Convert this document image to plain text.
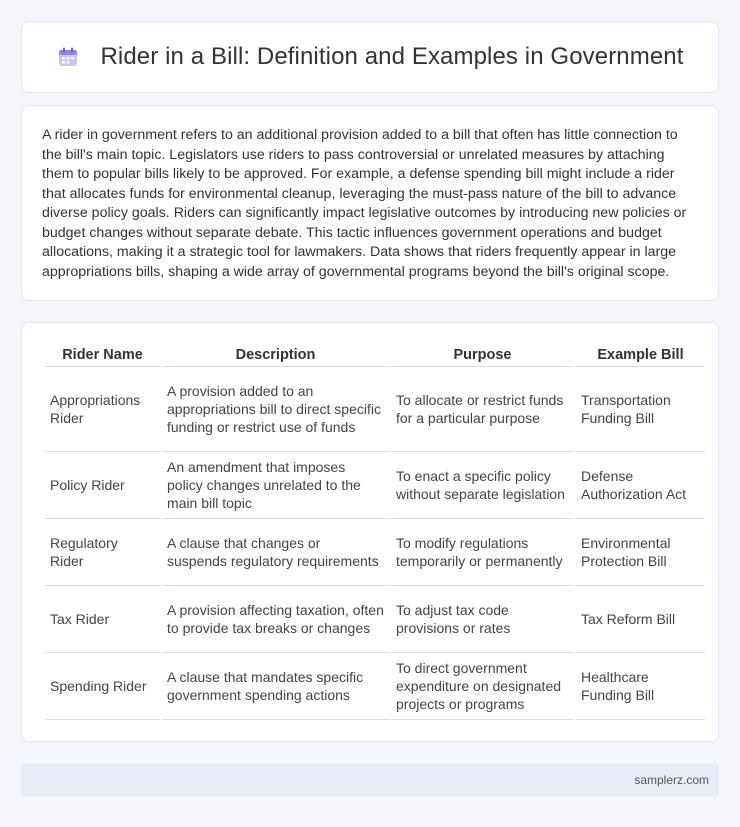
Rider in a Bill: Definition and Examples in Government

A rider in government refers to an additional provision added to a bill that often has little connection to the bill's main topic. Legislators use riders to pass controversial or unrelated measures by attaching them to popular bills likely to be approved. For example, a defense spending bill might include a rider that allocates funds for environmental cleanup, leveraging the must-pass nature of the bill to advance diverse policy goals. Riders can significantly impact legislative outcomes by introducing new policies or budget changes without separate debate. This tactic influences government operations and budget allocations, making it a strategic tool for lawmakers. Data shows that riders frequently appear in large appropriations bills, shaping a wide array of governmental programs beyond the bill's original scope.

Rider Name	Description	Purpose	Example Bill
Appropriations Rider	A provision added to an appropriations bill to direct specific funding or restrict use of funds	To allocate or restrict funds for a particular purpose	Transportation Funding Bill
Policy Rider	An amendment that imposes policy changes unrelated to the main bill topic	To enact a specific policy without separate legislation	Defense Authorization Act
Regulatory Rider	A clause that changes or suspends regulatory requirements	To modify regulations temporarily or permanently	Environmental Protection Bill
Tax Rider	A provision affecting taxation, often to provide tax breaks or changes	To adjust tax code provisions or rates	Tax Reform Bill
Spending Rider	A clause that mandates specific government spending actions	To direct government expenditure on designated projects or programs	Healthcare Funding Bill
samplerz.com
